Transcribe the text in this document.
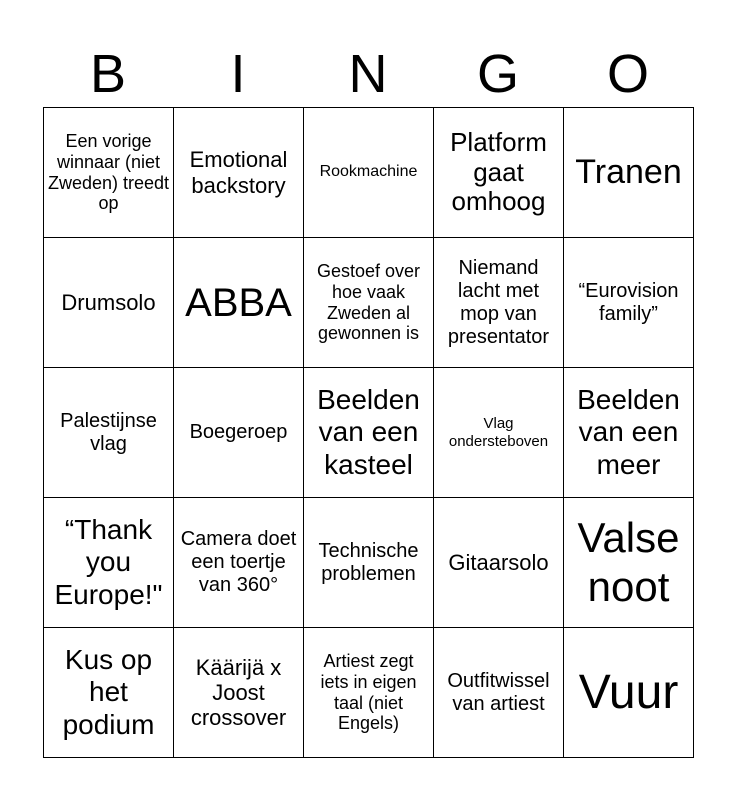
B	I	N	G	O
Een vorige winnaar (niet Zweden) treedt op	Emotional backstory	Rookmachine	Platform gaat omhoog	Tranen
Drumsolo	ABBA	Gestoef over hoe vaak Zweden al gewonnen is	Niemand lacht met mop van presentator	“Eurovision family”
Palestijnse vlag	Boegeroep	Beelden van een kasteel	Vlag ondersteboven	Beelden van een meer
“Thank you Europe!"	Camera doet een toertje van 360°	Technische problemen	Gitaarsolo	Valse noot
Kus op het podium	Käärijä x Joost crossover	Artiest zegt iets in eigen taal (niet Engels)	Outfitwissel van artiest	Vuur
